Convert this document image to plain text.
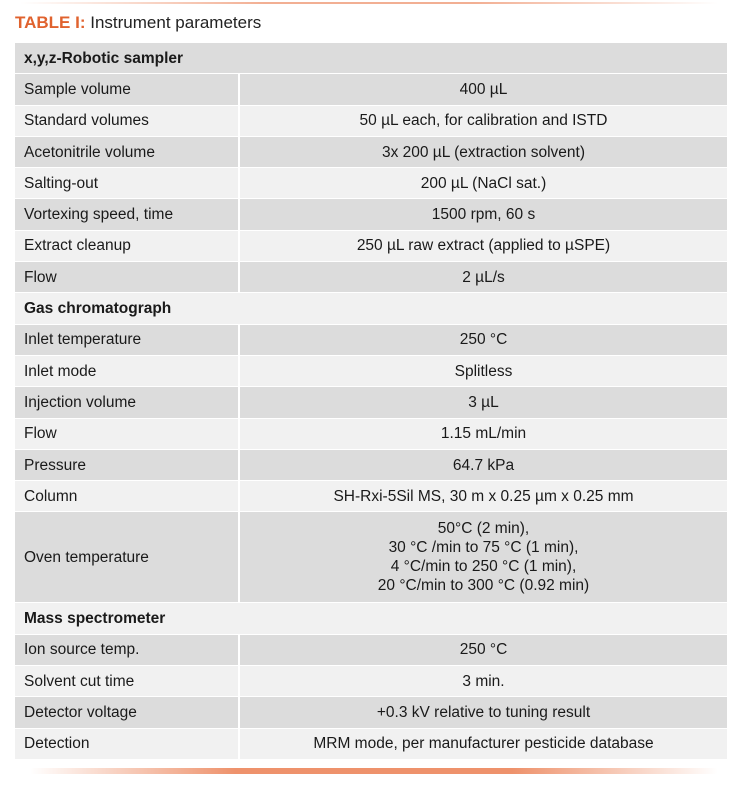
TABLE I: Instrument parameters
x,y,z-Robotic sampler	
Sample volume	400 µL
Standard volumes	50 µL each, for calibration and ISTD
Acetonitrile volume	3x 200 µL (extraction solvent)
Salting-out	200 µL (NaCl sat.)
Vortexing speed, time	1500 rpm, 60 s
Extract cleanup	250 µL raw extract (applied to µSPE)
Flow	2 µL/s
Gas chromatograph	
Inlet temperature	250 °C
Inlet mode	Splitless
Injection volume	3 µL
Flow	1.15 mL/min
Pressure	64.7 kPa
Column	SH-Rxi-5Sil MS, 30 m x 0.25 µm x 0.25 mm
Oven temperature	50°C (2 min),
30 °C /min to 75 °C (1 min),
4 °C/min to 250 °C (1 min),
20 °C/min to 300 °C (0.92 min)

Mass spectrometer	
Ion source temp.	250 °C
Solvent cut time	3 min.
Detector voltage	+0.3 kV relative to tuning result
Detection	MRM mode, per manufacturer pesticide database
